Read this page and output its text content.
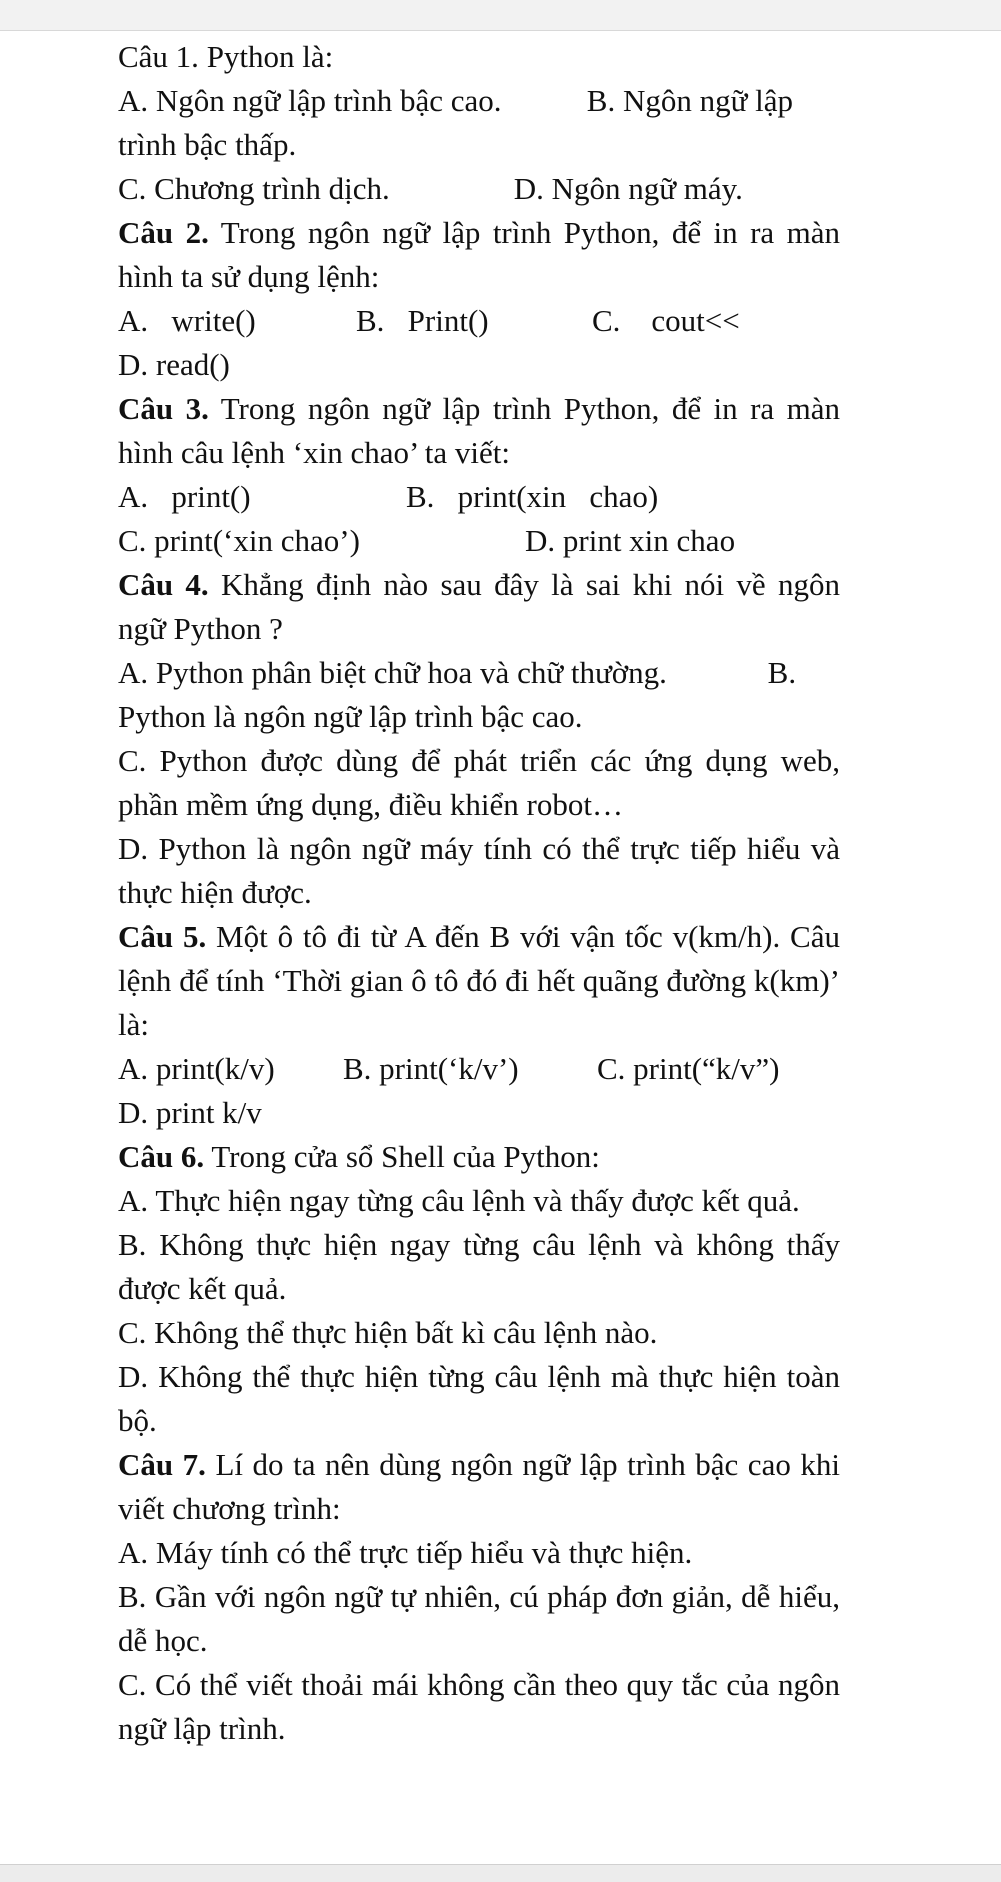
Câu 1. Python là:

A. Ngôn ngữ lập trình bậc cao.           B. Ngôn ngữ lập trình bậc thấp.

C. Chương trình dịch.                D. Ngôn ngữ máy.

Câu 2. Trong ngôn ngữ lập trình Python, để in ra màn hình ta sử dụng lệnh:

A.   write()	B.   Print()	C.    cout<<

D. read()

Câu 3. Trong ngôn ngữ lập trình Python, để in ra màn hình câu lệnh ‘xin chao’ ta viết:

A.   print()	B.   print(xin   chao)

C. print(‘xin chao’)	D. print xin chao

Câu 4. Khẳng định nào sau đây là sai khi nói về ngôn ngữ Python ?

A. Python phân biệt chữ hoa và chữ thường.             B. Python là ngôn ngữ lập trình bậc cao.

C. Python được dùng để phát triển các ứng dụng web, phần mềm ứng dụng, điều khiển robot…

D. Python là ngôn ngữ máy tính có thể trực tiếp hiểu và thực hiện được.

Câu 5. Một ô tô đi từ A đến B với vận tốc v(km/h). Câu lệnh để tính ‘Thời gian ô tô đó đi hết quãng đường k(km)’ là:

A. print(k/v)	B. print(‘k/v’)	C. print(“k/v”)

D. print k/v

Câu 6. Trong cửa sổ Shell của Python:

A. Thực hiện ngay từng câu lệnh và thấy được kết quả.

B. Không thực hiện ngay từng câu lệnh và không thấy được kết quả.

C. Không thể thực hiện bất kì câu lệnh nào.

D. Không thể thực hiện từng câu lệnh mà thực hiện toàn bộ.

Câu 7. Lí do ta nên dùng ngôn ngữ lập trình bậc cao khi viết chương trình:

A. Máy tính có thể trực tiếp hiểu và thực hiện.

B. Gần với ngôn ngữ tự nhiên, cú pháp đơn giản, dễ hiểu, dễ học.

C. Có thể viết thoải mái không cần theo quy tắc của ngôn ngữ lập trình.
